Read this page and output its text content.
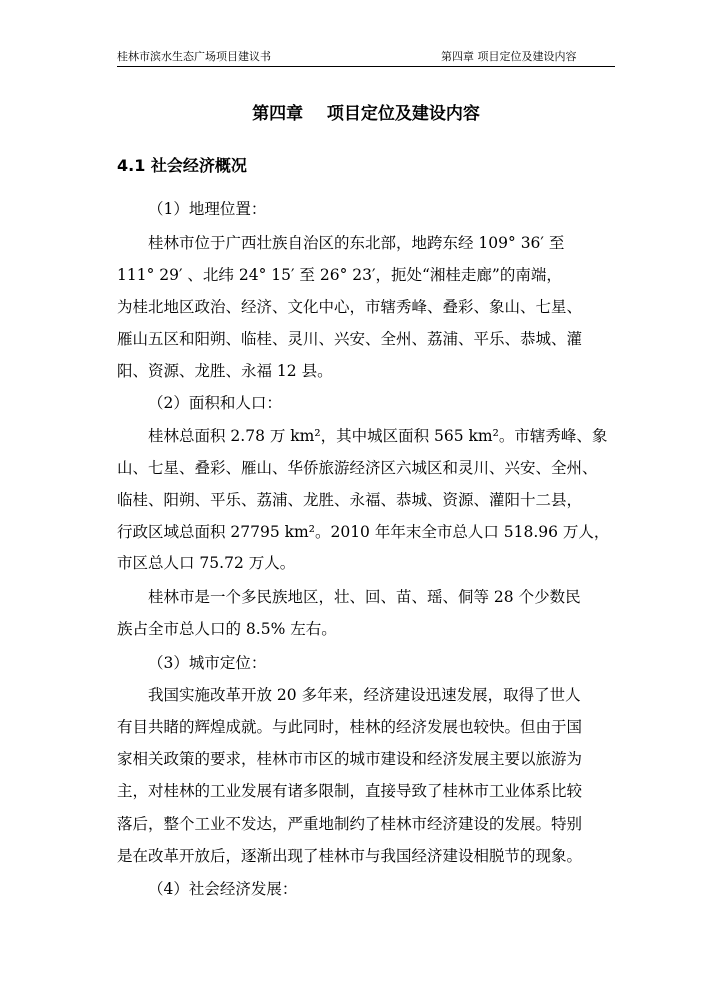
桂林市滨水生态广场项目建议书	第四章 项目定位及建设内容
第四章    项目定位及建设内容
4.1 社会经济概况
（1）地理位置：
桂林市位于广西壮族自治区的东北部，地跨东经 109° 36′ 至
111° 29′ 、北纬 24° 15′ 至 26° 23′，扼处“湘桂走廊”的南端，
为桂北地区政治、经济、文化中心，市辖秀峰、叠彩、象山、七星、
雁山五区和阳朔、临桂、灵川、兴安、全州、荔浦、平乐、恭城、灌
阳、资源、龙胜、永福 12 县。
（2）面积和人口：
桂林总面积 2.78 万 km²，其中城区面积 565 km²。市辖秀峰、象
山、七星、叠彩、雁山、华侨旅游经济区六城区和灵川、兴安、全州、
临桂、阳朔、平乐、荔浦、龙胜、永福、恭城、资源、灌阳十二县，
行政区域总面积 27795 km²。2010 年年末全市总人口 518.96 万人，
市区总人口 75.72 万人。
桂林市是一个多民族地区，壮、回、苗、瑶、侗等 28 个少数民
族占全市总人口的 8.5% 左右。
（3）城市定位：
我国实施改革开放 20 多年来，经济建设迅速发展，取得了世人
有目共睹的辉煌成就。与此同时，桂林的经济发展也较快。但由于国
家相关政策的要求，桂林市市区的城市建设和经济发展主要以旅游为
主，对桂林的工业发展有诸多限制，直接导致了桂林市工业体系比较
落后，整个工业不发达，严重地制约了桂林市经济建设的发展。特别
是在改革开放后，逐渐出现了桂林市与我国经济建设相脱节的现象。
（4）社会经济发展：
